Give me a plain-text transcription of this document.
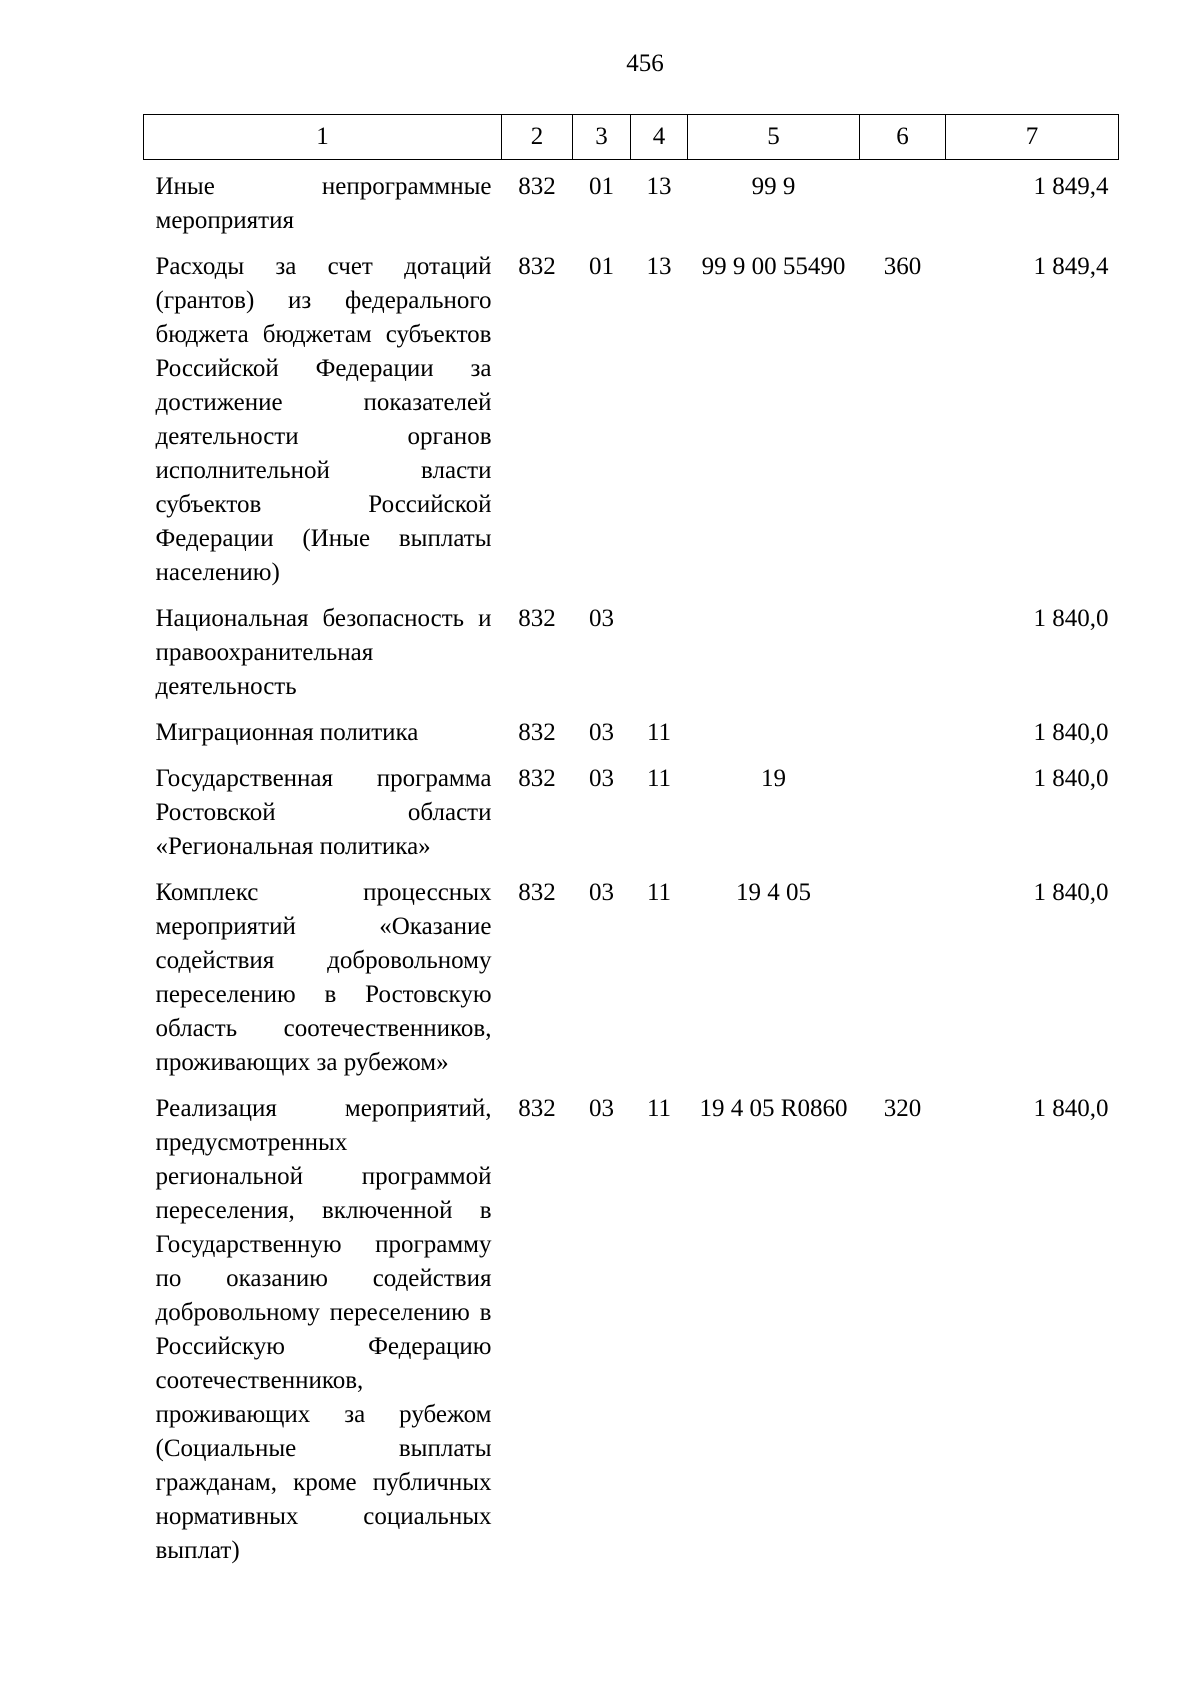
456
1	2	3	4	5	6	7
Иные непрограммные мероприятия	832	01	13	99 9		1 849,4
Расходы за счет дотаций (грантов) из федерального бюджета бюджетам субъектов Российской Федерации за достижение показателей деятельности органов исполнительной власти субъектов Российской Федерации (Иные выплаты населению)	832	01	13	99 9 00 55490	360	1 849,4
Национальная безопасность и правоохранительная деятельность	832	03				1 840,0
Миграционная политика	832	03	11			1 840,0
Государственная программа Ростовской области «Региональная политика»	832	03	11	19		1 840,0
Комплекс процессных мероприятий «Оказание содействия добровольному переселению в Ростовскую область соотечественников, проживающих за рубежом»	832	03	11	19 4 05		1 840,0
Реализация мероприятий, предусмотренных региональной программой переселения, включенной в Государственную программу по оказанию содействия добровольному переселению в Российскую Федерацию соотечественников, проживающих за рубежом (Социальные выплаты гражданам, кроме публичных нормативных социальных выплат)	832	03	11	19 4 05 R0860	320	1 840,0
